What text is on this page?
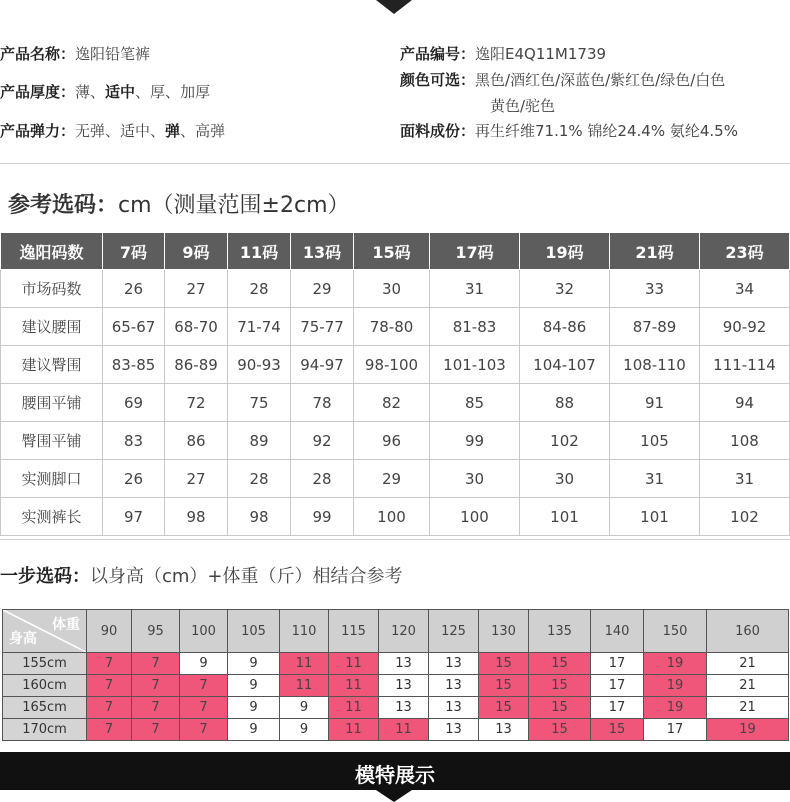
产品名称：逸阳铅笔裤	产品编号：逸阳E4Q11M1739
产品厚度：薄、适中、厚、加厚
颜色可选：黑色/酒红色/深蓝色/紫红色/绿色/白色
黄色/驼色
产品弹力：无弹、适中、弹、高弹	面料成份：再生纤维71.1% 锦纶24.4% 氨纶4.5%
参考选码：cm（测量范围±2cm）
逸阳码数	7码	9码	11码	13码	15码	17码	19码	21码	23码
市场码数	26	27	28	29	30	31	32	33	34
建议腰围	65-67	68-70	71-74	75-77	78-80	81-83	84-86	87-89	90-92
建议臀围	83-85	86-89	90-93	94-97	98-100	101-103	104-107	108-110	111-114
腰围平铺	69	72	75	78	82	85	88	91	94
臀围平铺	83	86	89	92	96	99	102	105	108
实测脚口	26	27	28	28	29	30	30	31	31
实测裤长	97	98	98	99	100	100	101	101	102
一步选码：以身高（cm）+体重（斤）相结合参考
体重
身高	90	95	100	105	110	115	120	125	130	135	140	150	160
155cm	7	7	9	9	11	11	13	13	15	15	17	19	21
160cm	7	7	7	9	11	11	13	13	15	15	17	19	21
165cm	7	7	7	9	9	11	13	13	15	15	17	19	21
170cm	7	7	7	9	9	11	11	13	13	15	15	17	19
模特展示
